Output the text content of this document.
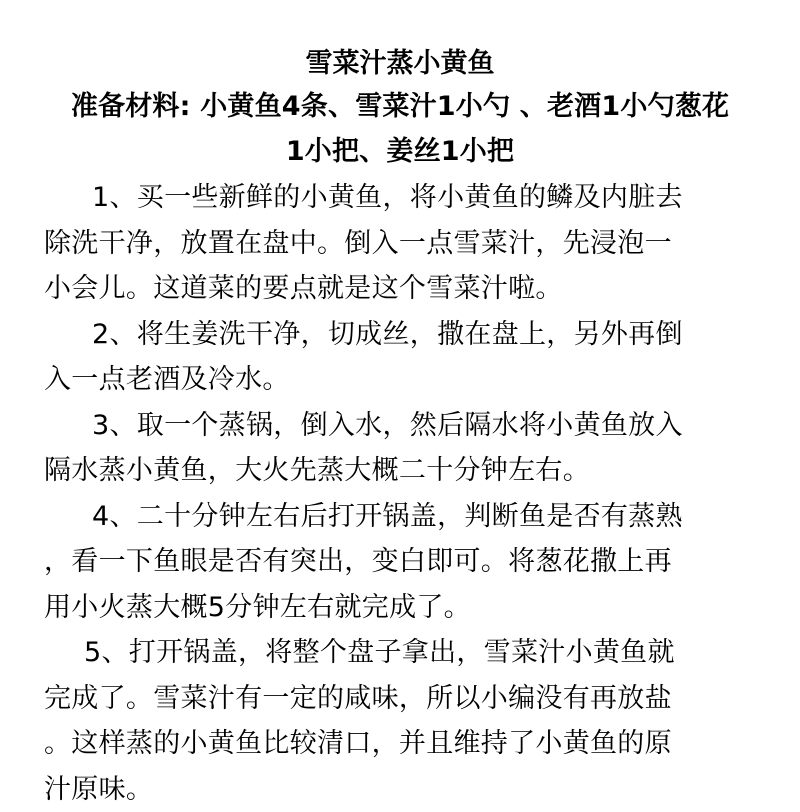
雪菜汁蒸小黄鱼

准备材料: 小黄鱼4条、雪菜汁1小勺 、老酒1小勺葱花

1小把、姜丝1小把

1、买一些新鲜的小黄鱼，将小黄鱼的鳞及内脏去
除洗干净，放置在盘中。倒入一点雪菜汁，先浸泡一
小会儿。这道菜的要点就是这个雪菜汁啦。
2、将生姜洗干净，切成丝，撒在盘上，另外再倒
入一点老酒及冷水。
3、取一个蒸锅，倒入水，然后隔水将小黄鱼放入
隔水蒸小黄鱼，大火先蒸大概二十分钟左右。
4、二十分钟左右后打开锅盖，判断鱼是否有蒸熟
，看一下鱼眼是否有突出，变白即可。将葱花撒上再
用小火蒸大概5分钟左右就完成了。
5、打开锅盖，将整个盘子拿出，雪菜汁小黄鱼就
完成了。雪菜汁有一定的咸味，所以小编没有再放盐
。这样蒸的小黄鱼比较清口，并且维持了小黄鱼的原
汁原味。
